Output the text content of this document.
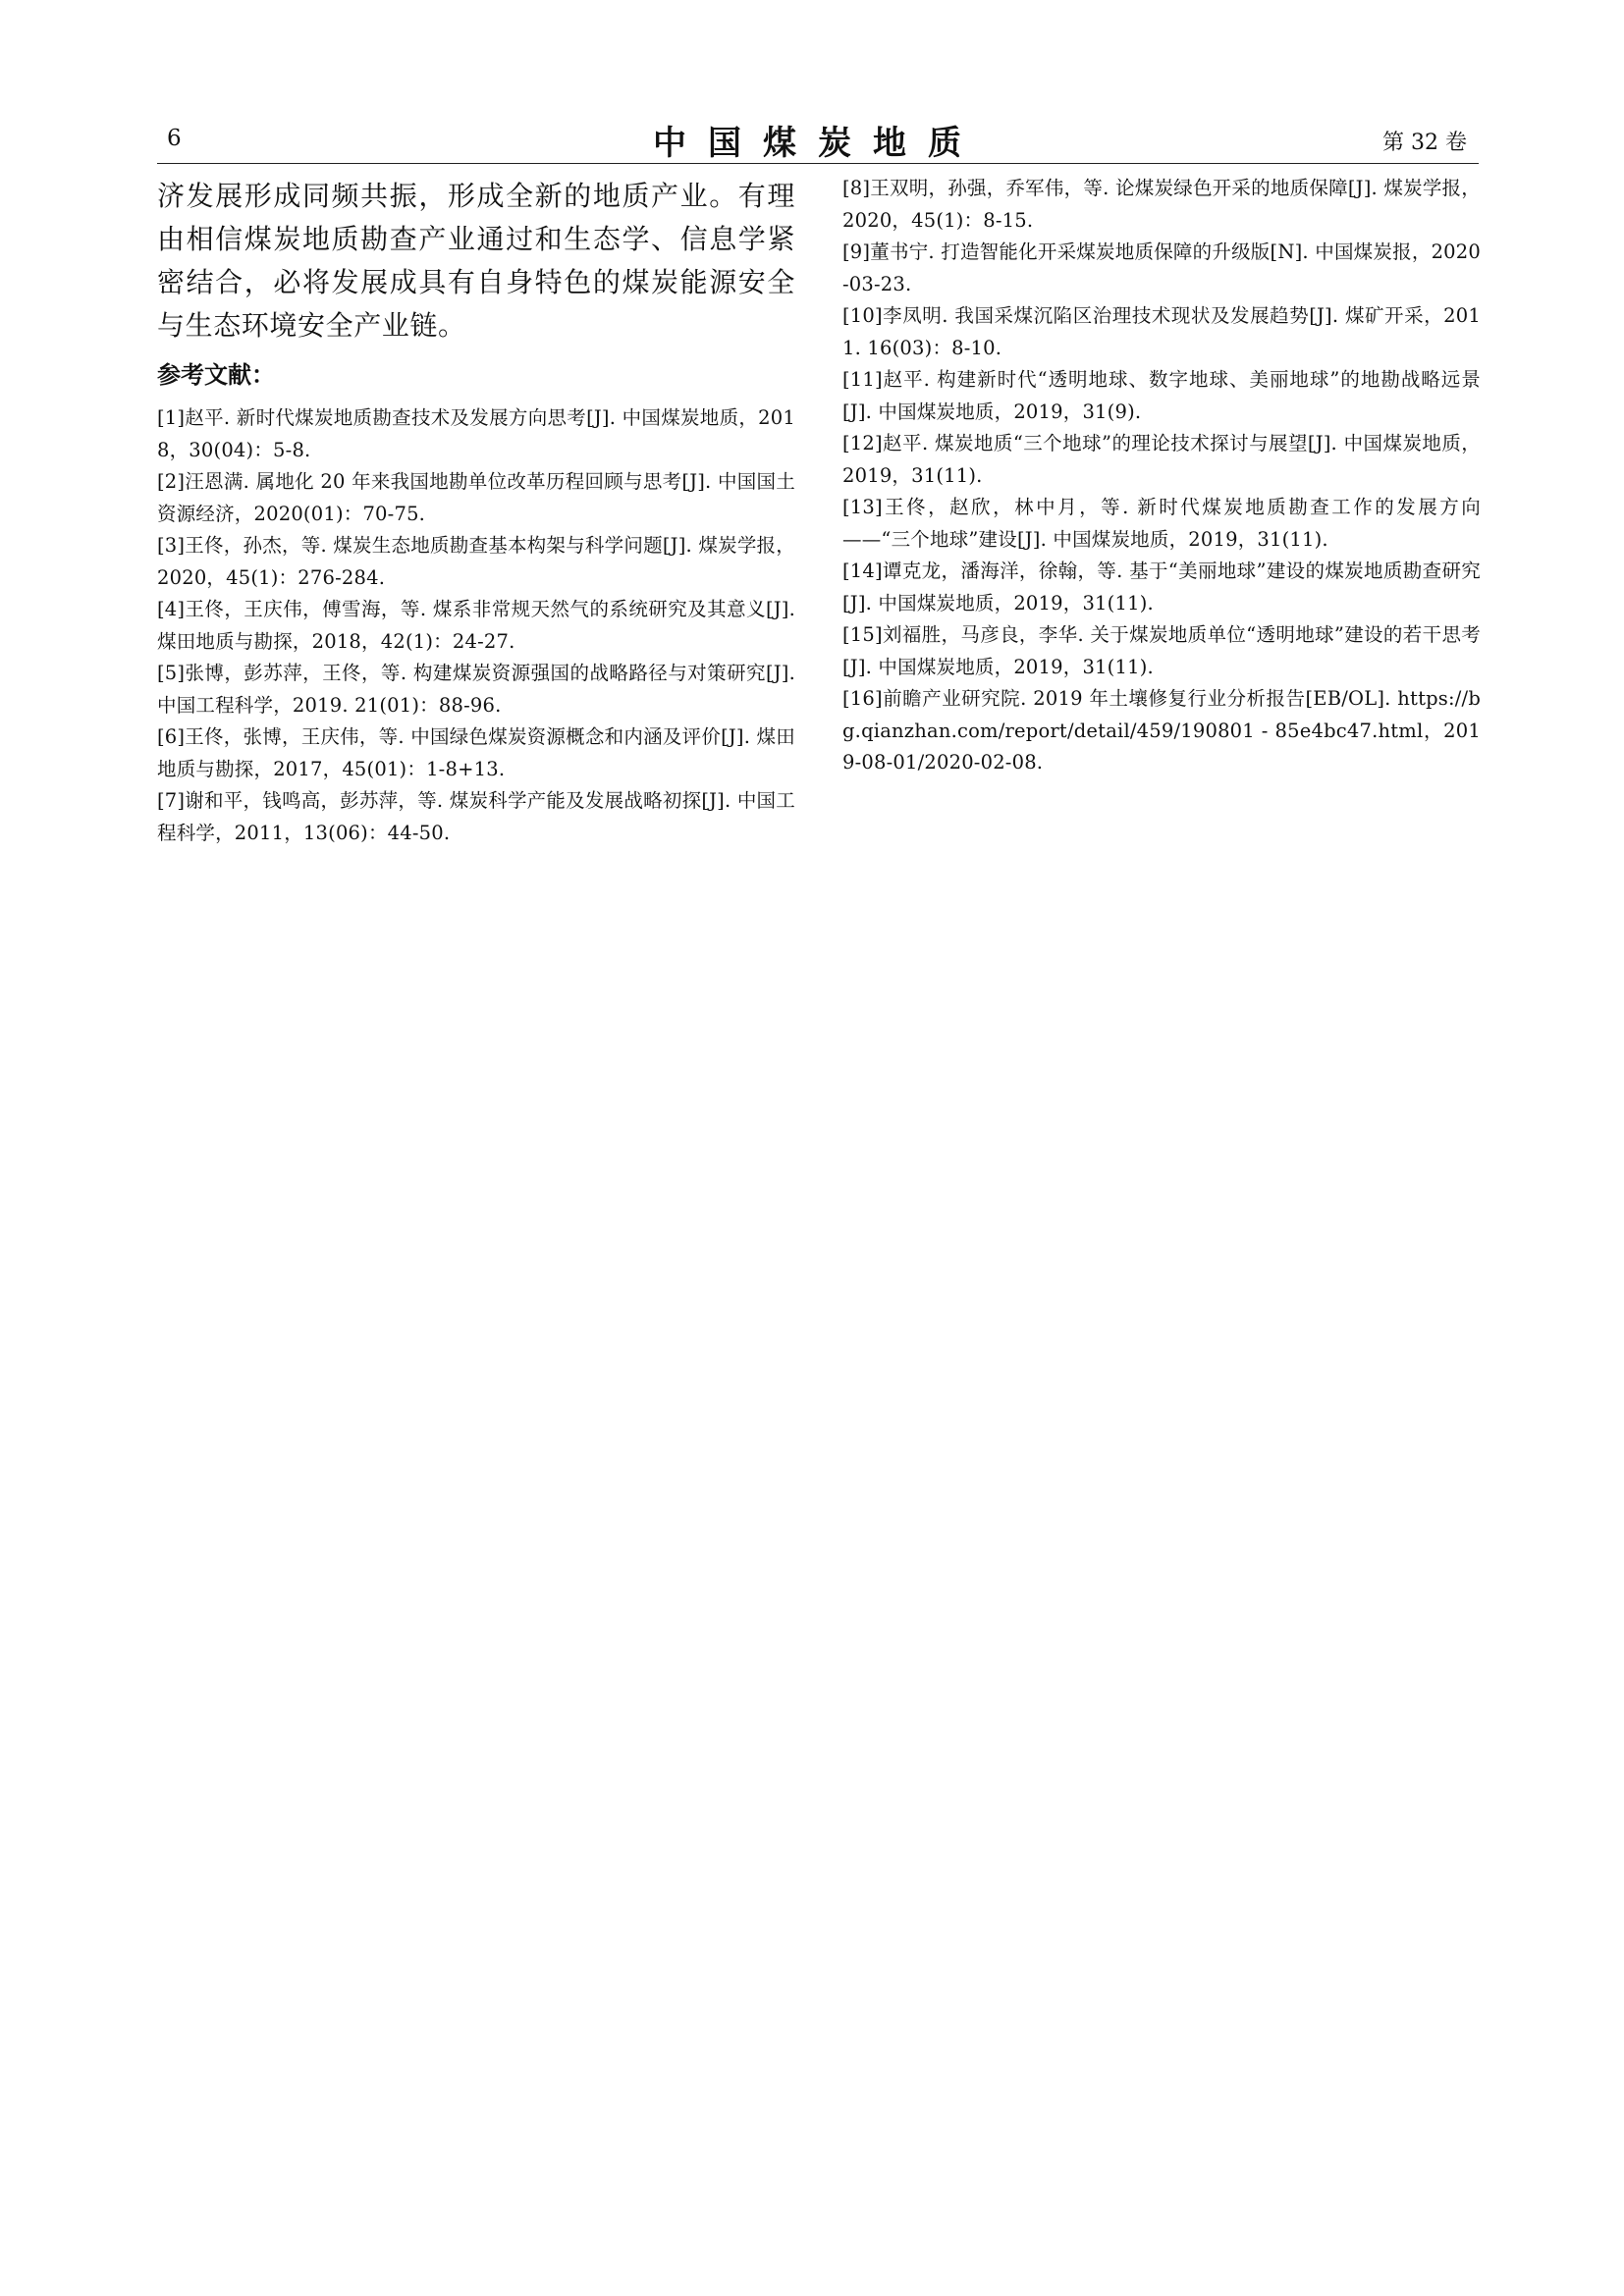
6	中国煤炭地质	第 32 卷

济发展形成同频共振，形成全新的地质产业。有理由相信煤炭地质勘查产业通过和生态学、信息学紧密结合，必将发展成具有自身特色的煤炭能源安全与生态环境安全产业链。

参考文献：
[1]赵平. 新时代煤炭地质勘查技术及发展方向思考[J]. 中国煤炭地质，2018，30(04)：5-8.
[2]汪恩满. 属地化 20 年来我国地勘单位改革历程回顾与思考[J]. 中国国土资源经济，2020(01)：70-75.
[3]王佟，孙杰，等. 煤炭生态地质勘查基本构架与科学问题[J]. 煤炭学报，2020，45(1)：276-284.
[4]王佟，王庆伟，傅雪海，等. 煤系非常规天然气的系统研究及其意义[J]. 煤田地质与勘探，2018，42(1)：24-27.
[5]张博，彭苏萍，王佟，等. 构建煤炭资源强国的战略路径与对策研究[J]. 中国工程科学，2019. 21(01)：88-96.
[6]王佟，张博，王庆伟，等. 中国绿色煤炭资源概念和内涵及评价[J]. 煤田地质与勘探，2017，45(01)：1-8+13.
[7]谢和平，钱鸣高，彭苏萍，等. 煤炭科学产能及发展战略初探[J]. 中国工程科学，2011，13(06)：44-50.
[8]王双明，孙强，乔军伟，等. 论煤炭绿色开采的地质保障[J]. 煤炭学报，2020，45(1)：8-15.
[9]董书宁. 打造智能化开采煤炭地质保障的升级版[N]. 中国煤炭报，2020-03-23.
[10]李凤明. 我国采煤沉陷区治理技术现状及发展趋势[J]. 煤矿开采，2011. 16(03)：8-10.
[11]赵平. 构建新时代“透明地球、数字地球、美丽地球”的地勘战略远景[J]. 中国煤炭地质，2019，31(9).
[12]赵平. 煤炭地质“三个地球”的理论技术探讨与展望[J]. 中国煤炭地质，2019，31(11).
[13]王佟，赵欣，林中月，等. 新时代煤炭地质勘查工作的发展方向——“三个地球”建设[J]. 中国煤炭地质，2019，31(11).
[14]谭克龙，潘海洋，徐翰，等. 基于“美丽地球”建设的煤炭地质勘查研究[J]. 中国煤炭地质，2019，31(11).
[15]刘福胜，马彦良，李华. 关于煤炭地质单位“透明地球”建设的若干思考[J]. 中国煤炭地质，2019，31(11).
[16]前瞻产业研究院. 2019 年土壤修复行业分析报告[EB/OL]. https://bg.qianzhan.com/report/detail/459/190801 - 85e4bc47.html，2019-08-01/2020-02-08.
